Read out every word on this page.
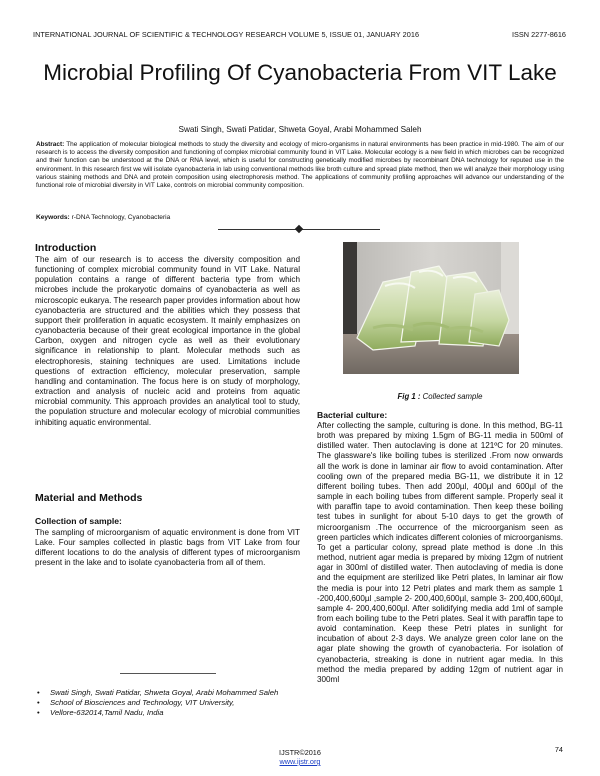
INTERNATIONAL JOURNAL OF SCIENTIFIC & TECHNOLOGY RESEARCH VOLUME 5, ISSUE 01, JANUARY 2016	ISSN 2277-8616
Microbial Profiling Of Cyanobacteria From VIT Lake
Swati Singh, Swati Patidar, Shweta Goyal, Arabi Mohammed Saleh
Abstract: The application of molecular biological methods to study the diversity and ecology of micro-organisms in natural environments has been practice in mid-1980. The aim of our research is to access the diversity composition and functioning of complex microbial community found in VIT Lake. Molecular ecology is a new field in which microbes can be recognized and their function can be understood at the DNA or RNA level, which is useful for constructing genetically modified microbes by recombinant DNA technology for reputed use in the environment. In this research first we will isolate cyanobacteria in lab using conventional methods like broth culture and spread plate method, then we will analyze their morphology using various staining methods and DNA and protein composition using electrophoresis method. The applications of community profiling approaches will advance our understanding of the functional role of microbial diversity in VIT Lake, controls on microbial community composition.
Keywords: r-DNA Technology, Cyanobacteria
Introduction

The aim of our research is to access the diversity composition and functioning of complex microbial community found in VIT Lake. Natural population contains a range of different bacteria type from which microbes include the prokaryotic domains of cyanobacteria as well as microscopic eukarya. The research paper provides information about how cyanobacteria are structured and the abilities which they possess that support their proliferation in aquatic ecosystem. It mainly emphasizes on cyanobacteria because of their great ecological importance in the global Carbon, oxygen and nitrogen cycle as well as their evolutionary significance in relationship to plant. Molecular methods such as electrophoresis, staining techniques are used. Limitations include questions of extraction efficiency, molecular preservation, sample handling and contamination. The focus here is on study of morphology, extraction and analysis of nucleic acid and proteins from aquatic microbial community. This approach provides an analytical tool to study, the population structure and molecular ecology of microbial communities inhibiting aquatic environmental.

Material and Methods
Collection of sample:

The sampling of microorganism of aquatic environment is done from VIT Lake. Four samples collected in plastic bags from VIT Lake from four different locations to do the analysis of different types of microorganism present in the lake and to isolate cyanobacteria from all of them.

• Swati Singh, Swati Patidar, Shweta Goyal, Arabi Mohammed Saleh
• School of Biosciences and Technology, VIT University,
• Vellore-632014,Tamil Nadu, India
Fig 1 : Collected sample
Bacterial culture:

After collecting the sample, culturing is done. In this method, BG-11 broth was prepared by mixing 1.5gm of BG-11 media in 500ml of distilled water. Then autoclaving is done at 121ºC for 20 minutes. The glassware's like boiling tubes is sterilized .From now onwards all the work is done in laminar air flow to avoid contamination. After cooling own of the prepared media BG-11, we distribute it in 12 different boiling tubes. Then add 200µl, 400µl and 600µl of the sample in each boiling tubes from different sample. Properly seal it with paraffin tape to avoid contamination. Then keep these boiling test tubes in sunlight for about 5-10 days to get the growth of microorganism .The occurrence of the microorganism seen as green particles which indicates different colonies of microorganisms. To get a particular colony, spread plate method is done .In this method, nutrient agar media is prepared by mixing 12gm of nutrient agar in 300ml of distilled water. Then autoclaving of media is done and the equipment are sterilized like Petri plates, In laminar air flow the media is pour into 12 Petri plates and mark them as sample 1 -200,400,600µl ,sample 2- 200,400,600µl, sample 3- 200,400,600µl, sample 4- 200,400,600µl. After solidifying media add 1ml of sample from each boiling tube to the Petri plates. Seal it with paraffin tape to avoid contamination. Keep these Petri plates in sunlight for incubation of about 2-3 days. We analyze green color lane on the agar plate showing the growth of cyanobacteria. For isolation of cyanobacteria, streaking is done in nutrient agar media. In this method the media prepared by adding 12gm of nutrient agar in 300ml

74
IJSTR©2016
www.ijstr.org
